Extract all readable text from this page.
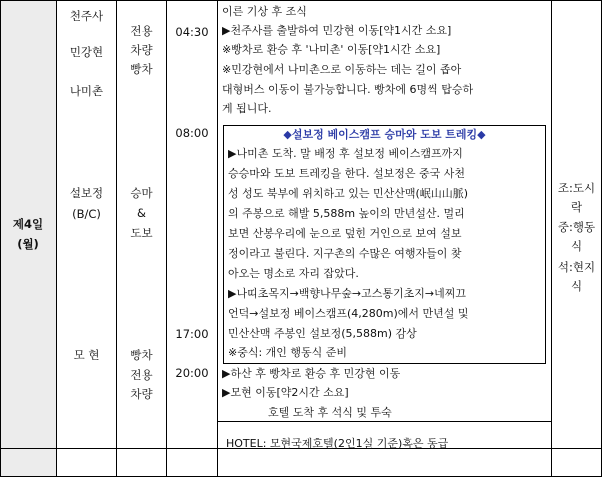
제4일
(월)
천주사
민강현
나미촌
설보정
(B/C)
모 현
전용
차량
빵차
승마
&
도보
빵차
전용
차량
04:30
08:00
17:00
20:00
이른 기상 후 조식
▶천주사를 출발하여 민강현 이동[약1시간 소요]
※빵차로 환승 후 '나미촌' 이동[약1시간 소요]
※민강현에서 나미촌으로 이동하는 데는 길이 좁아
대형버스 이동이 불가능합니다. 빵차에 6명씩 탑승하
게 됩니다.
◆설보정 베이스캠프 승마와 도보 트레킹◆
▶나미촌 도착. 말 배정 후 설보정 베이스캠프까지
승승마와 도보 트레킹을 한다. 설보정은 중국 사천
성 성도 북부에 위치하고 있는 민산산맥(岷山山脈)
의 주봉으로 해발 5,588m 높이의 만년설산. 멀리
보면 산봉우리에 눈으로 덮힌 거인으로 보여 설보
정이라고 불린다. 지구촌의 수많은 여행자들이 찾
아오는 명소로 자리 잡았다.
▶나띠초목지→백향나무숲→고스통기초지→네찌끄
언덕→설보정 베이스캠프(4,280m)에서 만년설 및
민산산맥 주봉인 설보정(5,588m) 감상
※중식: 개인 행동식 준비
▶하산 후 빵차로 환승 후 민강현 이동
▶모현 이동[약2시간 소요]
호텔 도착 후 석식 및 투숙
HOTEL: 모현국제호텔(2인1실 기준)혹은 동급
조:도시
락
중:행동
식
석:현지
식
